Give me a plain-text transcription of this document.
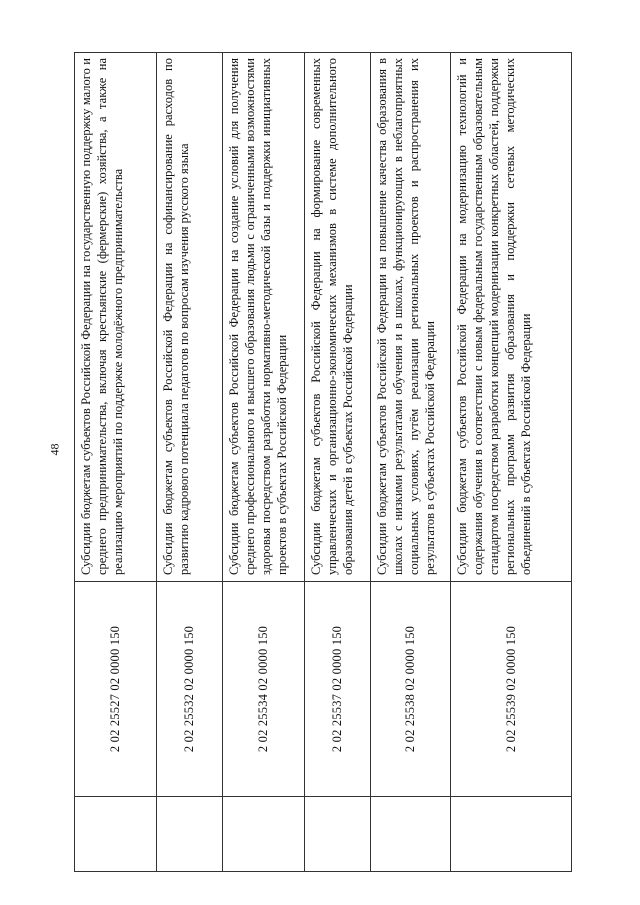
48
2 02 25527 02 0000 150
Субсидии бюджетам субъектов Российской Федерации на государственную поддержку малого и среднего предпринимательства, включая крестьянские (фермерские) хозяйства, а также на реализацию мероприятий по поддержке молодёжного предпринимательства
2 02 25532 02 0000 150
Субсидии бюджетам субъектов Российской Федерации на софинансирование расходов по развитию кадрового потенциала педагогов по вопросам изучения русского языка
2 02 25534 02 0000 150
Субсидии бюджетам субъектов Российской Федерации на создание условий для получения среднего профессионального и высшего образования людьми с ограниченными возможностями здоровья посредством разработки нормативно-методической базы и поддержки инициативных проектов в субъектах Российской Федерации
2 02 25537 02 0000 150
Субсидии бюджетам субъектов Российской Федерации на формирование современных управленческих и организационно-экономических механизмов в системе дополнительного образования детей в субъектах Российской Федерации
2 02 25538 02 0000 150
Субсидии бюджетам субъектов Российской Федерации на повышение качества образования в школах с низкими результатами обучения и в школах, функционирующих в неблагоприятных социальных условиях, путём реализации региональных проектов и распространения их результатов в субъектах Российской Федерации
2 02 25539 02 0000 150
Субсидии бюджетам субъектов Российской Федерации на модернизацию технологий и содержания обучения в соответствии с новым федеральным государственным образовательным стандартом посредством разработки концепций модернизации конкретных областей, поддержки региональных программ развития образования и поддержки сетевых методических объединений в субъектах Российской Федерации
